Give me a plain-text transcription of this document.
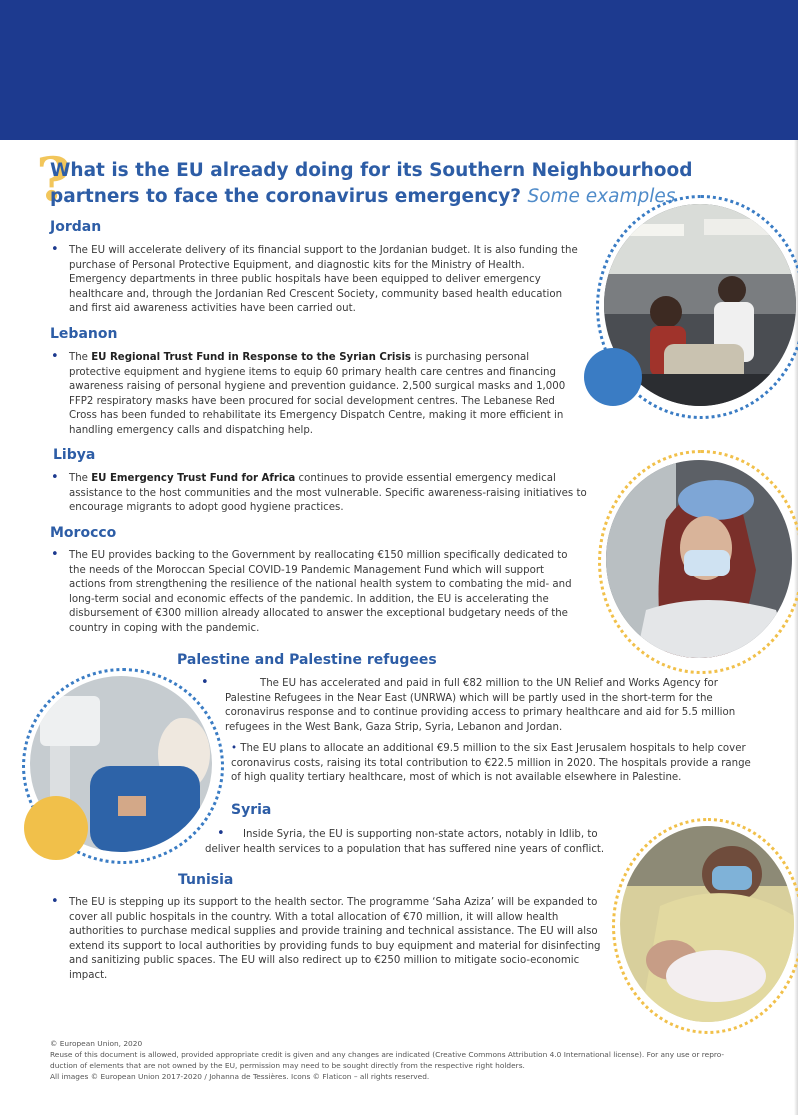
?
What is the EU already doing for its Southern Neighbourhood partners to face the coronavirus emergency? Some examples
Jordan
• The EU will accelerate delivery of its financial support to the Jordanian budget. It is also funding the purchase of Personal Protective Equipment, and diagnostic kits for the Ministry of Health. Emergency departments in three public hospitals have been equipped to deliver emergency healthcare and, through the Jordanian Red Crescent Society, community based health education and first aid awareness activities have been carried out.
Lebanon
• The EU Regional Trust Fund in Response to the Syrian Crisis is purchasing personal protective equipment and hygiene items to equip 60 primary health care centres and financing awareness raising of personal hygiene and prevention guidance. 2,500 surgical masks and 1,000 FFP2 respiratory masks have been procured for social development centres. The Lebanese Red Cross has been funded to rehabilitate its Emergency Dispatch Centre, making it more efficient in handling emergency calls and dispatching help.
Libya
• The EU Emergency Trust Fund for Africa continues to provide essential emergency medical assistance to the host communities and the most vulnerable. Specific awareness-raising initiatives to encourage migrants to adopt good hygiene practices.
Morocco
• The EU provides backing to the Government by reallocating €150 million specifically dedicated to the needs of the Moroccan Special COVID-19 Pandemic Management Fund which will support actions from strengthening the resilience of the national health system to combating the mid- and long-term social and economic effects of the pandemic. In addition, the EU is accelerating the disbursement of €300 million already allocated to answer the exceptional budgetary needs of the country in coping with the pandemic.
Palestine and Palestine refugees
•	The EU has accelerated and paid in full €82 million to the UN Relief and Works Agency for Palestine Refugees in the Near East (UNRWA) which will be partly used in the short-term for the coronavirus response and to continue providing access to primary healthcare and aid for 5.5 million refugees in the West Bank, Gaza Strip, Syria, Lebanon and Jordan.
• The EU plans to allocate an additional €9.5 million to the six East Jerusalem hospitals to help cover coronavirus costs, raising its total contribution to €22.5 million in 2020. The hospitals provide a range of high quality tertiary healthcare, most of which is not available elsewhere in Palestine.
Syria
• Inside Syria, the EU is supporting non-state actors, notably in Idlib, to deliver health services to a population that has suffered nine years of conflict.
Tunisia
• The EU is stepping up its support to the health sector. The programme ‘Saha Aziza’ will be expanded to cover all public hospitals in the country. With a total allocation of €70 million, it will allow health authorities to purchase medical supplies and provide training and technical assistance. The EU will also extend its support to local authorities by providing funds to buy equipment and material for disinfecting and sanitizing public spaces. The EU will also redirect up to €250 million to mitigate socio-economic impact.
© European Union, 2020
Reuse of this document is allowed, provided appropriate credit is given and any changes are indicated (Creative Commons Attribution 4.0 International license). For any use or repro-
duction of elements that are not owned by the EU, permission may need to be sought directly from the respective right holders.
All images © European Union 2017-2020 / Johanna de Tessières. Icons © Flaticon – all rights reserved.
